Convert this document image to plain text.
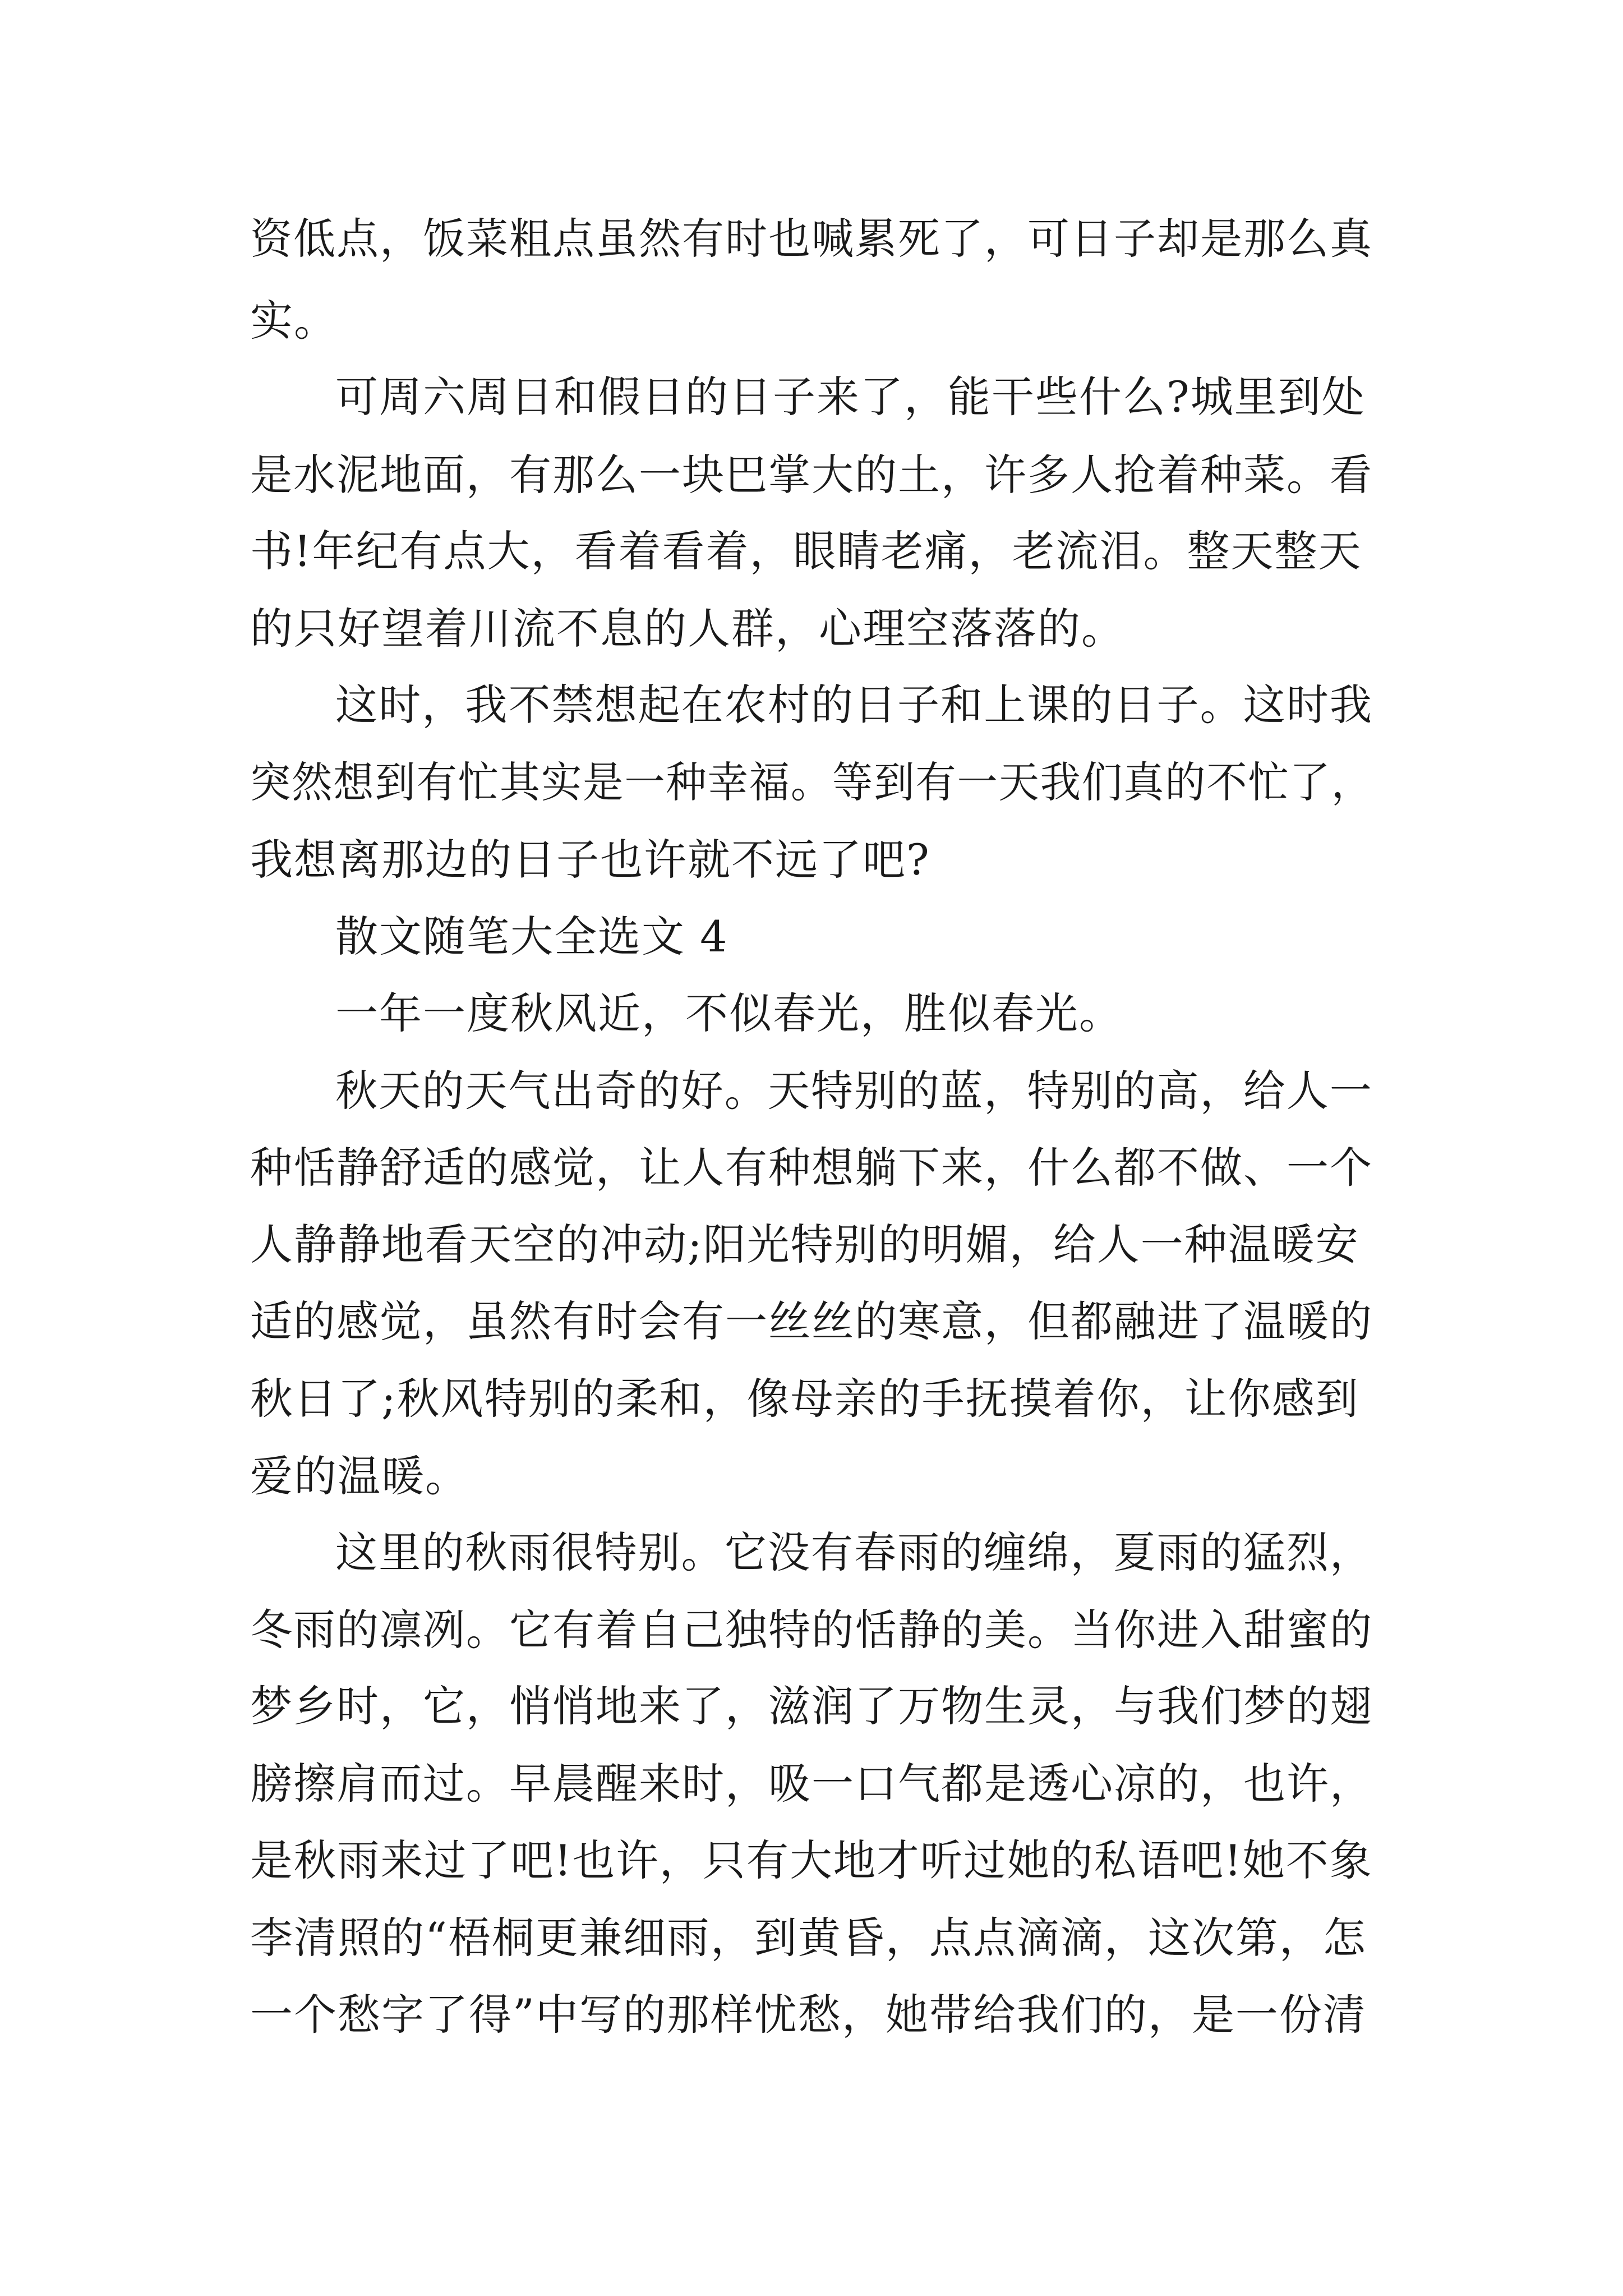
资低点，饭菜粗点虽然有时也喊累死了，可日子却是那么真
实。
可周六周日和假日的日子来了，能干些什么?城里到处
是水泥地面，有那么一块巴掌大的土，许多人抢着种菜。看
书!年纪有点大，看着看着，眼睛老痛，老流泪。整天整天
的只好望着川流不息的人群，心理空落落的。
这时，我不禁想起在农村的日子和上课的日子。这时我
突然想到有忙其实是一种幸福。等到有一天我们真的不忙了，
我想离那边的日子也许就不远了吧?
散文随笔大全选文 4
一年一度秋风近，不似春光，胜似春光。
秋天的天气出奇的好。天特别的蓝，特别的高，给人一
种恬静舒适的感觉，让人有种想躺下来，什么都不做、一个
人静静地看天空的冲动;阳光特别的明媚，给人一种温暖安
适的感觉，虽然有时会有一丝丝的寒意，但都融进了温暖的
秋日了;秋风特别的柔和，像母亲的手抚摸着你，让你感到
爱的温暖。
这里的秋雨很特别。它没有春雨的缠绵，夏雨的猛烈，
冬雨的凛冽。它有着自己独特的恬静的美。当你进入甜蜜的
梦乡时，它，悄悄地来了，滋润了万物生灵，与我们梦的翅
膀擦肩而过。早晨醒来时，吸一口气都是透心凉的，也许，
是秋雨来过了吧!也许，只有大地才听过她的私语吧!她不象
李清照的“梧桐更兼细雨，到黄昏，点点滴滴，这次第，怎
一个愁字了得”中写的那样忧愁，她带给我们的，是一份清
